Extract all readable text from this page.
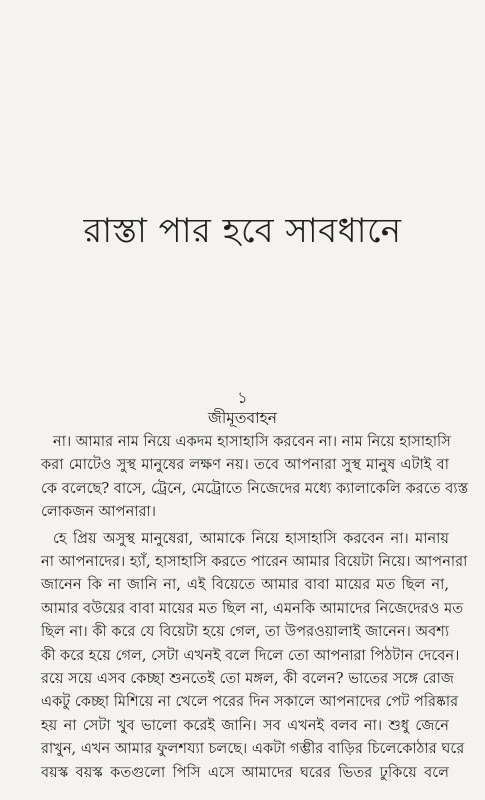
রাস্তা পার হবে সাবধানে
১
জীমূতবাহন
না। আমার নাম নিয়ে একদম হাসাহাসি করবেন না। নাম নিয়ে হাসাহাসি
করা মোটেও সুস্থ মানুষের লক্ষণ নয়। তবে আপনারা সুস্থ মানুষ এটাই বা
কে বলেছে? বাসে, ট্রেনে, মেট্রোতে নিজেদের মধ্যে ক্যালাকেলি করতে ব্যস্ত
লোকজন আপনারা।
হে প্রিয় অসুস্থ মানুষেরা, আমাকে নিয়ে হাসাহাসি করবেন না। মানায়
না আপনাদের। হ্যাঁ, হাসাহাসি করতে পারেন আমার বিয়েটা নিয়ে। আপনারা
জানেন কি না জানি না, এই বিয়েতে আমার বাবা মায়ের মত ছিল না,
আমার বউয়ের বাবা মায়ের মত ছিল না, এমনকি আমাদের নিজেদেরও মত
ছিল না। কী করে যে বিয়েটা হয়ে গেল, তা উপরওয়ালাই জানেন। অবশ্য
কী করে হয়ে গেল, সেটা এখনই বলে দিলে তো আপনারা পিঠটান দেবেন।
রয়ে সয়ে এসব কেচ্ছা শুনতেই তো মঙ্গল, কী বলেন? ভাতের সঙ্গে রোজ
একটু কেচ্ছা মিশিয়ে না খেলে পরের দিন সকালে আপনাদের পেট পরিষ্কার
হয় না সেটা খুব ভালো করেই জানি। সব এখনই বলব না। শুধু জেনে
রাখুন, এখন আমার ফুলশয্যা চলছে। একটা গম্ভীর বাড়ির চিলেকোঠার ঘরে
বয়স্ক বয়স্ক কতগুলো পিসি এসে আমাদের ঘরের ভিতর ঢুকিয়ে বলে
